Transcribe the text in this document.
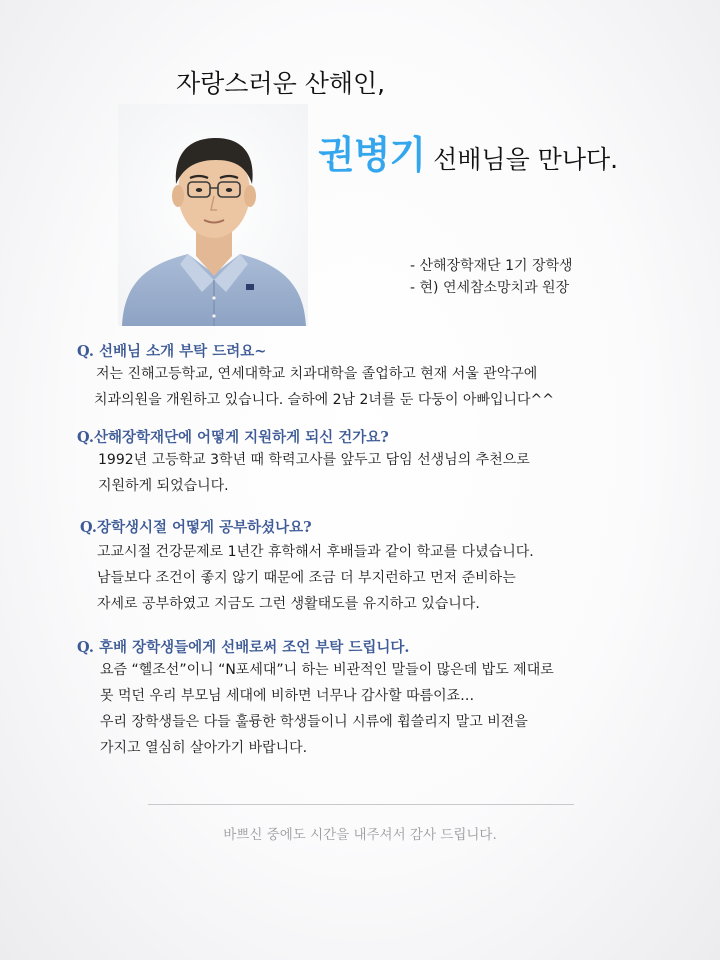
자랑스러운 산해인,
권병기 선배님을 만나다.
- 산해장학재단 1기 장학생
- 현) 연세참소망치과 원장
Q. 선배님 소개 부탁 드려요~
저는 진해고등학교, 연세대학교 치과대학을 졸업하고 현재 서울 관악구에
치과의원을 개원하고 있습니다. 슬하에 2남 2녀를 둔 다둥이 아빠입니다^^
Q.산해장학재단에 어떻게 지원하게 되신 건가요?
1992년 고등학교 3학년 때 학력고사를 앞두고 담임 선생님의 추천으로
지원하게 되었습니다.
Q.장학생시절 어떻게 공부하셨나요?
고교시절 건강문제로 1년간 휴학해서 후배들과 같이 학교를 다녔습니다.
남들보다 조건이 좋지 않기 때문에 조금 더 부지런하고 먼저 준비하는
자세로 공부하였고 지금도 그런 생활태도를 유지하고 있습니다.
Q. 후배 장학생들에게 선배로써 조언 부탁 드립니다.
요즘 “헬조선”이니 “N포세대”니 하는 비관적인 말들이 많은데 밥도 제대로
못 먹던 우리 부모님 세대에 비하면 너무나 감사할 따름이죠…
우리 장학생들은 다들 훌륭한 학생들이니 시류에 휩쓸리지 말고 비젼을
가지고 열심히 살아가기 바랍니다.
바쁘신 중에도 시간을 내주셔서 감사 드립니다.
